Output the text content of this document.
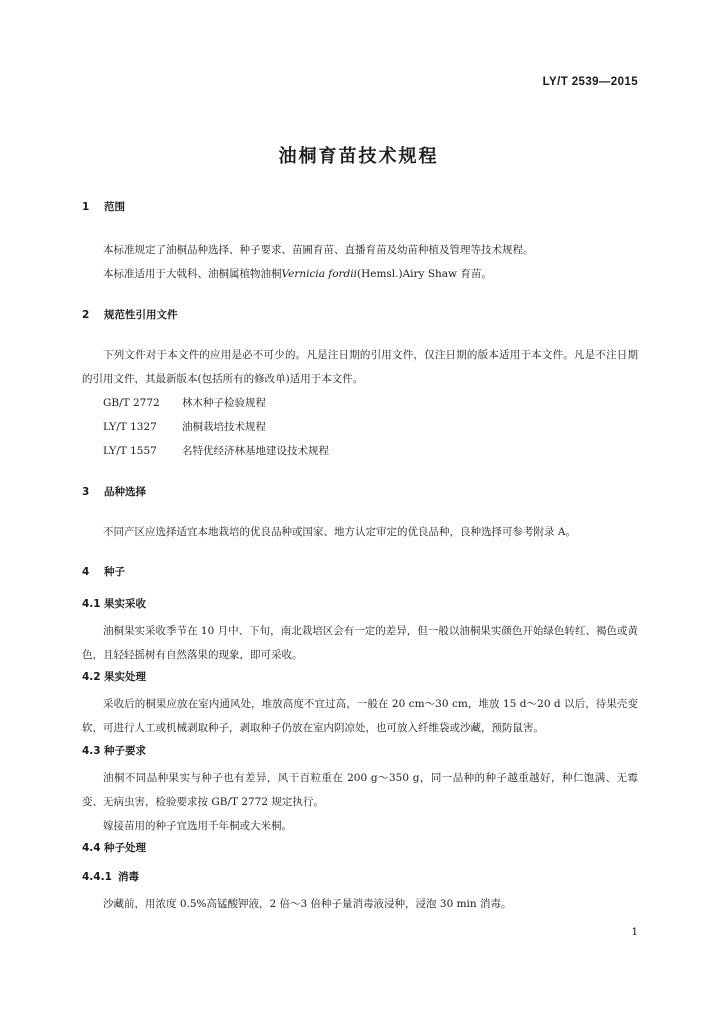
LY/T 2539—2015
油桐育苗技术规程
1 范围

本标准规定了油桐品种选择、种子要求、苗圃育苗、直播育苗及幼苗种植及管理等技术规程。

本标准适用于大戟科、油桐属植物油桐Vernicia fordii(Hemsl.)Airy Shaw 育苗。

2 规范性引用文件

下列文件对于本文件的应用是必不可少的。凡是注日期的引用文件，仅注日期的版本适用于本文件。凡是不注日期的引用文件，其最新版本(包括所有的修改单)适用于本文件。

GB/T 2772 林木种子检验规程
LY/T 1327 油桐栽培技术规程
LY/T 1557 名特优经济林基地建设技术规程
3 品种选择

不同产区应选择适宜本地栽培的优良品种或国家、地方认定审定的优良品种，良种选择可参考附录 A。

4 种子
4.1 果实采收

油桐果实采收季节在 10 月中、下旬，南北栽培区会有一定的差异，但一般以油桐果实颜色开始绿色转红、褐色或黄色，且轻轻摇树有自然落果的现象，即可采收。

4.2 果实处理

采收后的桐果应放在室内通风处，堆放高度不宜过高，一般在 20 cm～30 cm，堆放 15 d～20 d 以后，待果壳变软，可进行人工或机械剥取种子，剥取种子仍放在室内阴凉处，也可放入纤维袋或沙藏，预防鼠害。

4.3 种子要求

油桐不同品种果实与种子也有差异，风干百粒重在 200 g～350 g，同一品种的种子越重越好，种仁饱满、无霉变、无病虫害，检验要求按 GB/T 2772 规定执行。

嫁接苗用的种子宜选用千年桐或大米桐。

4.4 种子处理
4.4.1 消毒

沙藏前，用浓度 0.5%高锰酸钾液，2 倍～3 倍种子量消毒液浸种，浸泡 30 min 消毒。

1
